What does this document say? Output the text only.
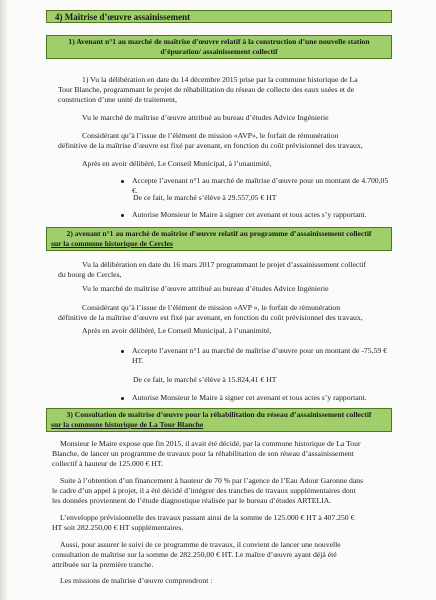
4) Maîtrise d’œuvre assainissement
1) Avenant n°1 au marché de maîtrise d’œuvre relatif à la construction d’une nouvelle station
d’épuration/ assainissement collectif
1) Vu la délibération en date du 14 décembre 2015 prise par la commune historique de La
Tour Blanche, programmant le projet de réhabilitation du réseau de collecte des eaux usées et de
construction d’une unité de traitement,
Vu le marché de maîtrise d’œuvre attribué au bureau d’études Advice Ingénierie
Considérant qu’à l’issue de l’élément de mission «AVP», le forfait de rémunération
définitive de la maîtrise d’œuvre est fixé par avenant, en fonction du coût prévisionnel des travaux,
Après en avoir délibéré, Le Conseil Municipal, à l’unanimité,
Accepte l’avenant n°1 au marché de maîtrise d’œuvre pour un montant de 4.700,05 €.
De ce fait, le marché s’élève à 29.557,05 € HT
Autorise Monsieur le Maire à signer cet avenant et tous actes s’y rapportant.
2) avenant n°1 au marché de maîtrise d’œuvre relatif au programme d’assainissement collectif
sur la commune historique de Cercles
Vu la délibération en date du 16 mars 2017 programmant le projet d’assainissement collectif
du bourg de Cercles,
Vu le marché de maîtrise d’œuvre attribué au bureau d’études Advice Ingénierie
Considérant qu’à l’issue de l’élément de mission «AVP », le forfait de rémunération
définitive de la maîtrise d’œuvre est fixé par avenant, en fonction du coût prévisionnel des travaux,
Après en avoir délibéré, Le Conseil Municipal, à l’unanimité,
Accepte l’avenant n°1 au marché de maîtrise d’œuvre pour un montant de -75,59 €
HT.
De ce fait, le marché s’élève à 15.824,41 € HT
Autorise Monsieur le Maire à signer cet avenant et tous actes s’y rapportant.
3) Consultation de maîtrise d’œuvre pour la réhabilitation du réseau d’assainissement collectif
sur la commune historique de La Tour Blanche
Monsieur le Maire expose que fin 2015, il avait été décidé, par la commune historique de La Tour
Blanche, de lancer un programme de travaux pour la réhabilitation de son réseau d’assainissement
collectif à hauteur de 125.000 € HT.
Suite à l’obtention d’un financement à hauteur de 70 % par l’agence de l’Eau Adour Garonne dans
le cadre d’un appel à projet, il a été décidé d’intégrer des tranches de travaux supplémentaires dont
les données proviennent de l’étude diagnostique réalisée par le bureau d’études ARTELIA.
L’enveloppe prévisionnelle des travaux passant ainsi de la somme de 125.000 € HT à 407.250 €
HT soit 282.250,00 € HT supplémentaires.
Aussi, pour assurer le suivi de ce programme de travaux, il convient de lancer une nouvelle
consultation de maîtrise sur la somme de 282.250,00 € HT. Le maître d’œuvre ayant déjà été
attribuée sur la première tranche.
Les missions de maîtrise d’œuvre comprendront :
